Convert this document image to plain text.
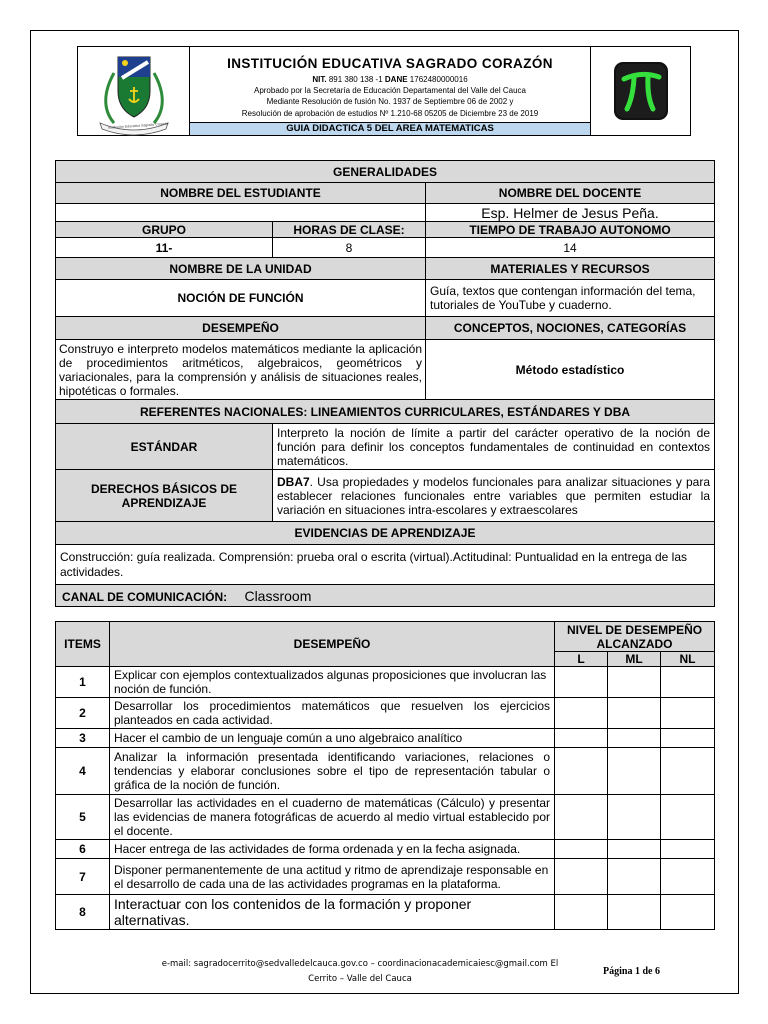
Institución Educativa Sagrado Corazón
INSTITUCIÓN EDUCATIVA SAGRADO CORAZÓN
NIT. 891 380 138 -1 DANE 1762480000016
Aprobado por la Secretaría de Educación Departamental del Valle del Cauca
Mediante Resolución de fusión No. 1937 de Septiembre 06 de 2002 y
Resolución de aprobación de estudios Nº 1.210-68 05205 de Diciembre 23 de 2019
GUIA DIDACTICA 5 DEL AREA MATEMATICAS
GENERALIDADES		
NOMBRE DEL ESTUDIANTE		NOMBRE DEL DOCENTE
		Esp. Helmer de Jesus Peña.
GRUPO	HORAS DE CLASE:	TIEMPO DE TRABAJO AUTONOMO
11-	8	14
NOMBRE DE LA UNIDAD		MATERIALES Y RECURSOS
NOCIÓN DE FUNCIÓN		Guía, textos que contengan información del tema, tutoriales de YouTube y cuaderno.
DESEMPEÑO		CONCEPTOS, NOCIONES, CATEGORÍAS
Construyo e interpreto modelos matemáticos mediante la aplicación de procedimientos aritméticos, algebraicos, geométricos y variacionales, para la comprensión y análisis de situaciones reales, hipotéticas o formales.		Método estadístico
REFERENTES NACIONALES: LINEAMIENTOS CURRICULARES, ESTÁNDARES Y DBA		
ESTÁNDAR	Interpreto la noción de límite a partir del carácter operativo de la noción de función para definir los conceptos fundamentales de continuidad en contextos matemáticos.	
DERECHOS BÁSICOS DE APRENDIZAJE	DBA7. Usa propiedades y modelos funcionales para analizar situaciones y para establecer relaciones funcionales entre variables que permiten estudiar la variación en situaciones intra-escolares y extraescolares	
EVIDENCIAS DE APRENDIZAJE		
Construcción: guía realizada. Comprensión: prueba oral o escrita (virtual).Actitudinal: Puntualidad en la entrega de las actividades.		
CANAL DE COMUNICACIÓN: Classroom		
ITEMS	DESEMPEÑO	NIVEL DE DESEMPEÑO ALCANZADO		
		L	ML	NL
1	Explicar con ejemplos contextualizados algunas proposiciones que involucran las noción de función.			
2	Desarrollar los procedimientos matemáticos que resuelven los ejercicios planteados en cada actividad.			
3	Hacer el cambio de un lenguaje común a uno algebraico analítico			
4	Analizar la información presentada identificando variaciones, relaciones o tendencias y elaborar conclusiones sobre el tipo de representación tabular o gráfica de la noción de función.			
5	Desarrollar las actividades en el cuaderno de matemáticas (Cálculo) y presentar las evidencias de manera fotográficas de acuerdo al medio virtual establecido por el docente.			
6	Hacer entrega de las actividades de forma ordenada y en la fecha asignada.			
7	Disponer permanentemente de una actitud y ritmo de aprendizaje responsable en el desarrollo de cada una de las actividades programas en la plataforma.			
8	Interactuar con los contenidos de la formación y proponer alternativas.			
e-mail: sagradocerrito@sedvalledelcauca.gov.co – coordinacionacademicaiesc@gmail.com El
Cerrito – Valle del Cauca
Página 1 de 6
